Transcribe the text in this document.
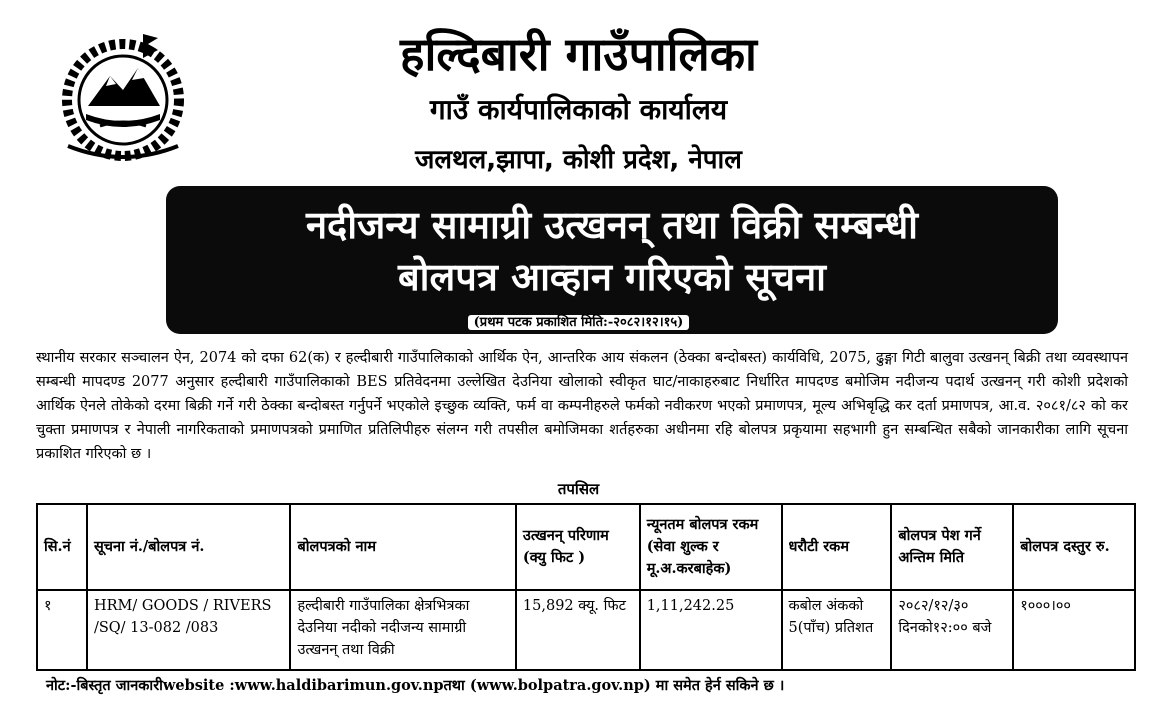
हल्दिबारी गाउँपालिका
गाउँ कार्यपालिकाको कार्यालय
जलथल,झापा, कोशी प्रदेश, नेपाल
नदीजन्य सामाग्री उत्खनन् तथा विक्री सम्बन्धी
बोलपत्र आव्हान गरिएको सूचना
(प्रथम पटक प्रकाशित मिति:-२०८२।१२।१५)
स्थानीय सरकार सञ्चालन ऐन, 2074 को दफा 62(क) र हल्दीबारी गाउँपालिकाको आर्थिक ऐन, आन्तरिक आय संकलन (ठेक्का बन्दोबस्त) कार्यविधि, 2075, ढुङ्गा गिटी बालुवा उत्खनन् बिक्री तथा व्यवस्थापन सम्बन्धी मापदण्ड 2077 अनुसार हल्दीबारी गाउँपालिकाको BES प्रतिवेदनमा उल्लेखित देउनिया खोलाको स्वीकृत घाट/नाकाहरुबाट निर्धारित मापदण्ड बमोजिम नदीजन्य पदार्थ उत्खनन् गरी कोशी प्रदेशको आर्थिक ऐनले तोकेको दरमा बिक्री गर्ने गरी ठेक्का बन्दोबस्त गर्नुपर्ने भएकोले इच्छुक व्यक्ति, फर्म वा कम्पनीहरुले फर्मको नवीकरण भएको प्रमाणपत्र, मूल्य अभिबृद्धि कर दर्ता प्रमाणपत्र, आ.व. २०८१/८२ को कर चुक्ता प्रमाणपत्र र नेपाली नागरिकताको प्रमाणपत्रको प्रमाणित प्रतिलिपीहरु संलग्न गरी तपसील बमोजिमका शर्तहरुका अधीनमा रहि बोलपत्र प्रकृयामा सहभागी हुन सम्बन्धित सबैको जानकारीका लागि सूचना प्रकाशित गरिएको छ ।
तपसिल
सि.नं	सूचना नं./बोलपत्र नं.	बोलपत्रको नाम	उत्खनन् परिणाम (क्यु फिट )	न्यूनतम बोलपत्र रकम (सेवा शुल्क र मू.अ.करबाहेक)	धरौटी रकम	बोलपत्र पेश गर्ने अन्तिम मिति	बोलपत्र दस्तुर रु.
१	HRM/ GOODS / RIVERS /SQ/ 13-082 /083	हल्दीबारी गाउँपालिका क्षेत्रभित्रका देउनिया नदीको नदीजन्य सामाग्री उत्खनन् तथा विक्री	15,892 क्यू. फिट	1,11,242.25	कबोल अंकको 5(पाँच) प्रतिशत	२०८२/१२/३० दिनको१२:०० बजे	१०००।००
नोट:-बिस्तृत जानकारीwebsite :www.haldibarimun.gov.npतथा (www.bolpatra.gov.np) मा समेत हेर्न सकिने छ ।
